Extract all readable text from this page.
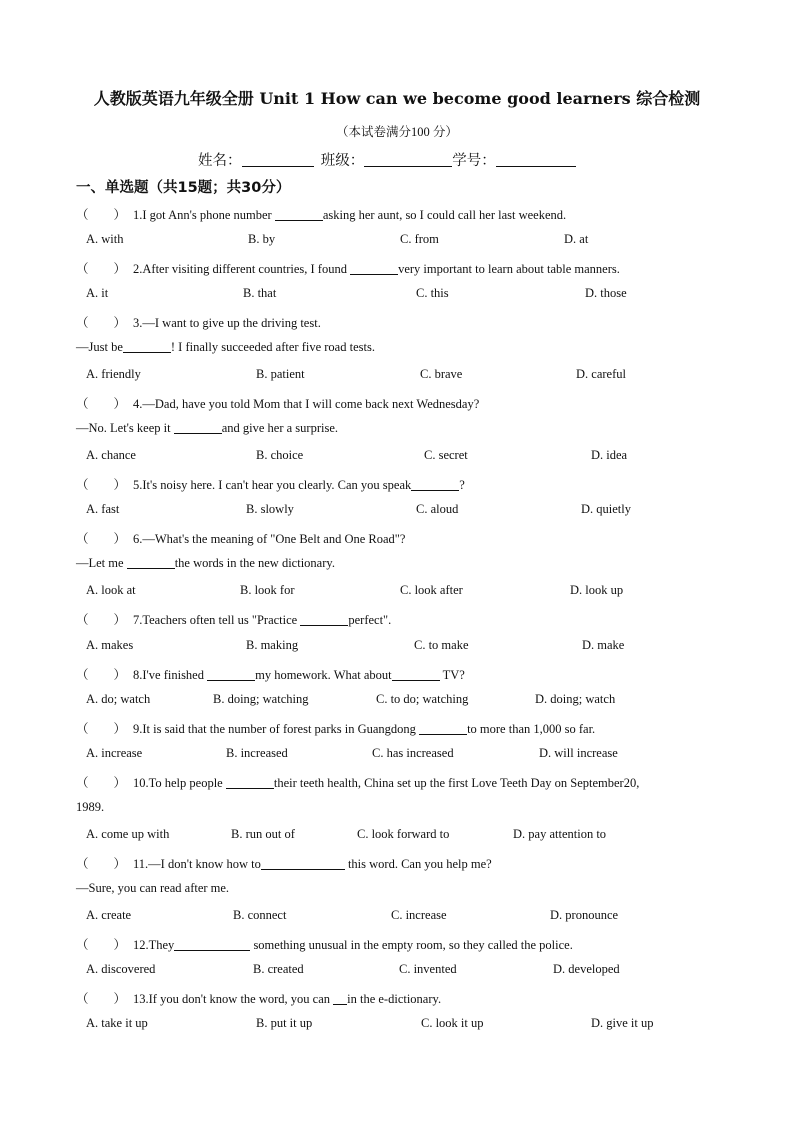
人教版英语九年级全册 Unit 1 How can we become good learners 综合检测
（本试卷满分100 分）
姓名：	班级：	学号：
一、单选题（共15题；共30分）
（　　） 1.I got Ann's phone number	asking her aunt, so I could call her last weekend.
A. with	B. by	C. from	D. at
（　　） 2.After visiting different countries, I found	very important to learn about table manners.
A. it	B. that	C. this	D. those
（　　） 3.—I want to give up the driving test.
—Just be	! I finally succeeded after five road tests.
A. friendly	B. patient	C. brave	D. careful
（　　） 4.—Dad, have you told Mom that I will come back next Wednesday?
—No. Let's keep it	and give her a surprise.
A. chance	B. choice	C. secret	D. idea
（　　） 5.It's noisy here. I can't hear you clearly. Can you speak	?
A. fast	B. slowly	C. aloud	D. quietly
（　　） 6.—What's the meaning of "One Belt and One Road"?
—Let me	the words in the new dictionary.
A. look at	B. look for	C. look after	D. look up
（　　） 7.Teachers often tell us "Practice	perfect".
A. makes	B. making	C. to make	D. make
（　　） 8.I've finished	my homework. What about	TV?
A. do; watch	B. doing; watching	C. to do; watching	D. doing; watch
（　　） 9.It is said that the number of forest parks in Guangdong	to more than 1,000 so far.
A. increase	B. increased	C. has increased	D. will increase
（　　） 10.To help people	their teeth health, China set up the first Love Teeth Day on September20,
1989.
A. come up with	B. run out of	C. look forward to	D. pay attention to
（　　） 11.—I don't know how to	this word. Can you help me?
—Sure, you can read after me.
A. create	B. connect	C. increase	D. pronounce
（　　） 12.They	something unusual in the empty room, so they called the police.
A. discovered	B. created	C. invented	D. developed
（　　） 13.If you don't know the word, you can in the e-dictionary.
A. take it up	B. put it up	C. look it up	D. give it up
